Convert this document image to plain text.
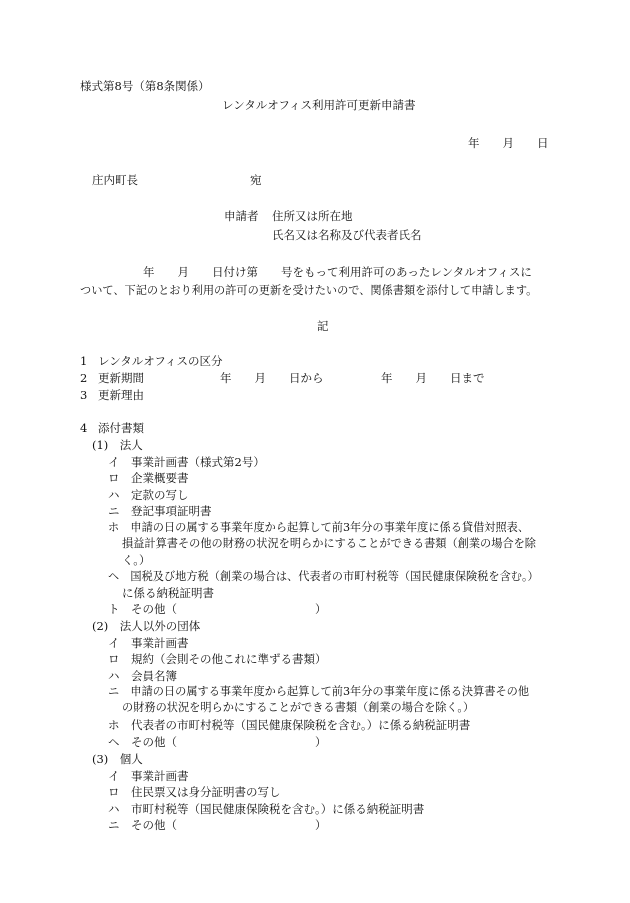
様式第8号（第8条関係）
レンタルオフィス利用許可更新申請書
年　　月　　日
庄内町長	宛
申請者 住所又は所在地
氏名又は名称及び代表者氏名
年　　月　　日付け第　　号をもって利用許可のあったレンタルオフィスに
ついて、下記のとおり利用の許可の更新を受けたいので、関係書類を添付して申請します。
記
1 レンタルオフィスの区分
2 更新期間	年　　月　　日から　　　　　年　　月　　日まで
3 更新理由
4 添付書類
(1)　法人
イ　事業計画書（様式第2号）
ロ　企業概要書
ハ　定款の写し
ニ　登記事項証明書
ホ　申請の日の属する事業年度から起算して前3年分の事業年度に係る貸借対照表、
損益計算書その他の財務の状況を明らかにすることができる書類（創業の場合を除
く。）
ヘ　国税及び地方税（創業の場合は、代表者の市町村税等（国民健康保険税を含む。）
に係る納税証明書
ト　その他（　　　　　　　　　　　　）
(2)　法人以外の団体
イ　事業計画書
ロ　規約（会則その他これに準ずる書類）
ハ　会員名簿
ニ　申請の日の属する事業年度から起算して前3年分の事業年度に係る決算書その他
の財務の状況を明らかにすることができる書類（創業の場合を除く。）
ホ　代表者の市町村税等（国民健康保険税を含む。）に係る納税証明書
ヘ　その他（　　　　　　　　　　　　）
(3)　個人
イ　事業計画書
ロ　住民票又は身分証明書の写し
ハ　市町村税等（国民健康保険税を含む。）に係る納税証明書
ニ　その他（　　　　　　　　　　　　）
